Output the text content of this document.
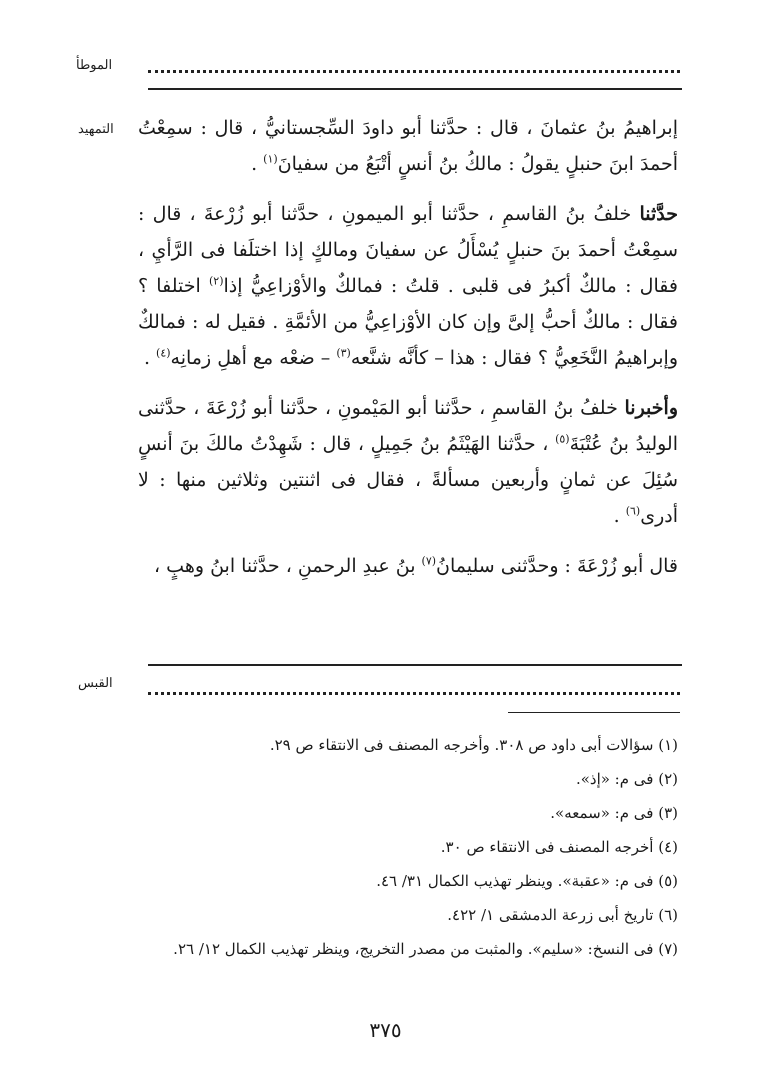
الموطأ
التمهيد	إبراهيمُ بنُ عثمانَ ، قال : حدَّثنا أبو داودَ السِّجستانيُّ ، قال : سمِعْتُ أحمدَ ابنَ حنبلٍ يقولُ : مالكُ بنُ أنسٍ أتْبَعُ من سفيانَ$^{(١)}$ .

حدَّثنا خلفُ بنُ القاسمِ ، حدَّثنا أبو الميمونِ ، حدَّثنا أبو زُرْعةَ ، قال : سمِعْتُ أحمدَ بنَ حنبلٍ يُسْأَلُ عن سفيانَ ومالكٍ إذا اختلَفا فى الرَّأيِ ، فقال : مالكٌ أكبرُ فى قلبى . قلتُ : فمالكٌ والأوْزاعِيُّ إذا$^{(٢)}$ اختلفا ؟ فقال : مالكٌ أحبُّ إلىَّ وإن كان الأوْزاعِيُّ من الأئمَّةِ . فقيل له : فمالكٌ وإبراهيمُ النَّخَعِيُّ ؟ فقال : هذا – كأنَّه شنَّعه$^{(٣)}$ – ضعْه مع أهلِ زمانِه$^{(٤)}$ .

وأخبرنا خلفُ بنُ القاسمِ ، حدَّثنا أبو المَيْمونِ ، حدَّثنا أبو زُرْعَةَ ، حدَّثنى الوليدُ بنُ عُتْبَةَ$^{(٥)}$ ، حدَّثنا الهَيْثَمُ بنُ جَمِيلٍ ، قال : شَهِدْتُ مالكَ بنَ أنسٍ سُئِلَ عن ثمانٍ وأربعين مسألةً ، فقال فى اثنتين وثلاثين منها : لا أدرى$^{(٦)}$ .

قال أبو زُرْعَةَ : وحدَّثنى سليمانُ$^{(٧)}$ بنُ عبدِ الرحمنِ ، حدَّثنا ابنُ وهبٍ ،

القبس
(١) سؤالات أبى داود ص ٣٠٨. وأخرجه المصنف فى الانتقاء ص ٢٩.
(٢) فى م: «إذ».
(٣) فى م: «سمعه».
(٤) أخرجه المصنف فى الانتقاء ص ٣٠.
(٥) فى م: «عقبة». وينظر تهذيب الكمال ٣١/ ٤٦.
(٦) تاريخ أبى زرعة الدمشقى ١/ ٤٢٢.
(٧) فى النسخ: «سليم». والمثبت من مصدر التخريج، وينظر تهذيب الكمال ١٢/ ٢٦.
٣٧٥
